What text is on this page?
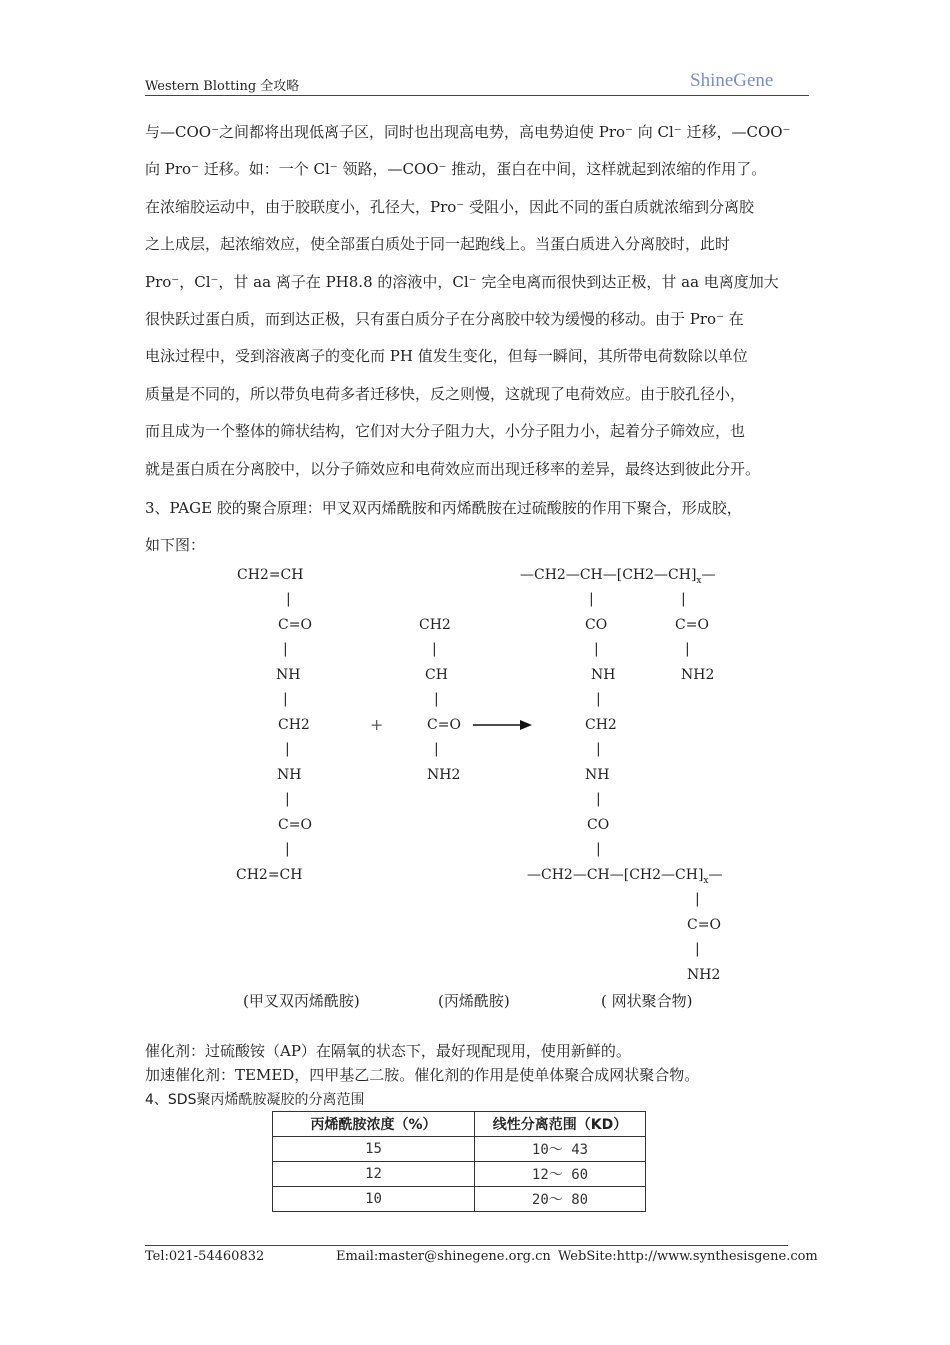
Western Blotting 全攻略	ShineGene
与—COO⁻之间都将出现低离子区，同时也出现高电势，高电势迫使 Pro⁻ 向 Cl⁻ 迁移，—COO⁻
向 Pro⁻ 迁移。如：一个 Cl⁻ 领路，—COO⁻ 推动，蛋白在中间，这样就起到浓缩的作用了。
在浓缩胶运动中，由于胶联度小，孔径大，Pro⁻ 受阻小，因此不同的蛋白质就浓缩到分离胶
之上成层，起浓缩效应，使全部蛋白质处于同一起跑线上。当蛋白质进入分离胶时，此时
Pro⁻，Cl⁻，甘 aa 离子在 PH8.8 的溶液中，Cl⁻ 完全电离而很快到达正极，甘 aa 电离度加大
很快跃过蛋白质，而到达正极，只有蛋白质分子在分离胶中较为缓慢的移动。由于 Pro⁻ 在
电泳过程中，受到溶液离子的变化而 PH 值发生变化，但每一瞬间，其所带电荷数除以单位
质量是不同的，所以带负电荷多者迁移快，反之则慢，这就现了电荷效应。由于胶孔径小，
而且成为一个整体的筛状结构，它们对大分子阻力大，小分子阻力小，起着分子筛效应，也
就是蛋白质在分离胶中，以分子筛效应和电荷效应而出现迁移率的差异，最终达到彼此分开。
3、PAGE 胶的聚合原理：甲叉双丙烯酰胺和丙烯酰胺在过硫酸胺的作用下聚合，形成胶，
如下图：
CH2=CH
|
C=O
|
NH
|
CH2
|
NH
|
C=O
|
CH2=CH
+
CH2
|
CH
|
C=O
|
NH2
$—CH2—CH—[CH2—CH]_x—$
|	|
CO
|
NH
|
CH2
|
NH
|
CO
|
C=O
|
NH2
$—CH2—CH—[CH2—CH]_x—$
|
C=O
|
NH2
(甲叉双丙烯酰胺)	(丙烯酰胺)	( 网状聚合物)
催化剂：过硫酸铵（AP）在隔氧的状态下，最好现配现用，使用新鲜的。
加速催化剂：TEMED，四甲基乙二胺。催化剂的作用是使单体聚合成网状聚合物。
4、SDS聚丙烯酰胺凝胶的分离范围
丙烯酰胺浓度（%）	线性分离范围（KD）
15	10～ 43
12	12～ 60
10	20～ 80
Tel:021-54460832	Email:master@shinegene.org.cn WebSite:http://www.synthesisgene.com
